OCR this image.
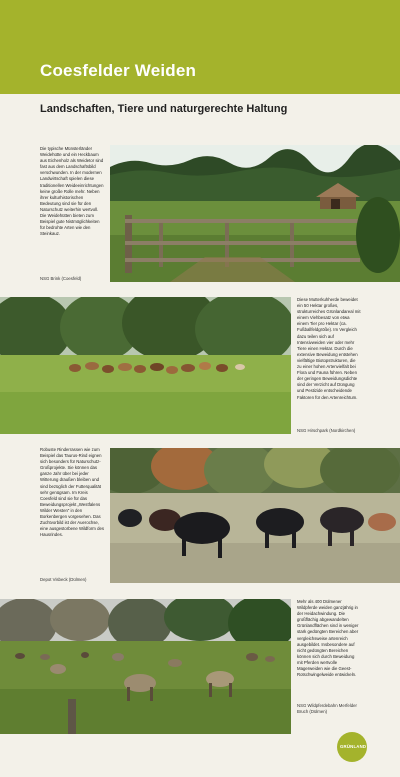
Coesfelder Weiden
Landschaften, Tiere und naturgerechte Haltung
Die typische Münsterländer Weidehütte und ein Heckbaum aus Eichenholz als Weidetor sind fast aus dem Landschaftsbild verschwunden. In der modernen Landwirtschaft spielen diese traditionellen Weideeinrichtungen keine große Rolle mehr. Neben ihrer kulturhistorischen Bedeutung sind sie für den Naturschutz weiterhin wertvoll. Die Weidehütten bieten zum Beispiel gute Nistmöglichkeiten für bedrohte Arten wie den Steinkauz.
NSG Brink (Coesfeld)
Diese Mutterkuhherde beweidet ein 50 Hektar großes, strukturreiches Grünlandareal mit einem Viehbesatz von etwa einem Tier pro Hektar (ca. Fußballfeldgröße). Im Vergleich dazu teilen sich auf Intensivweiden vier oder mehr Tiere einen Hektar. Durch die extensive Beweidung entstehen vielfältige Biotopstrukturen, die zu einer hohen Artenvielfalt bei Flora und Fauna führen. Neben der geringen Beweidungsdichte sind der Verzicht auf Düngung und Pestizide entscheidende Faktoren für den Artenreichtum.
NSG Hirschpark (Nordkirchen)
Robuste Rinderrassen wie zum Beispiel das Taurus-Rind eignen sich besonders für Naturschutz-Großprojekte. Sie können das ganze Jahr über bei jeder Witterung draußen bleiben und sind bezüglich der Futterqualität sehr genügsam. Im Kreis Coesfeld sind sie für das Beweidungsprojekt „Westfalens Wilder Westen“ in den Borkenbergen vorgesehen. Das Zuchtvorbild ist der Auerochse, eine ausgestorbene Wildform des Hausrindes.
Depot Visbeck (Dülmen)
Mehr als 400 Dülmener Wildpferde weiden ganzjährig in der Heidachwindung. Die großflächig abgewandelten Grünlandflächen sind in weniger stark gedüngten Bereichen aber vergleichsweise artenreich ausgebildet. Insbesondere auf nicht gedüngten Bereichen können sich durch Beweidung mit Pferden wertvolle Magerweiden wie die Geest-Rotschwingelweide entwickeln.
NSG Wildpferdebahn Merfelder Bruch (Dülmen)
GRÜNLAND
